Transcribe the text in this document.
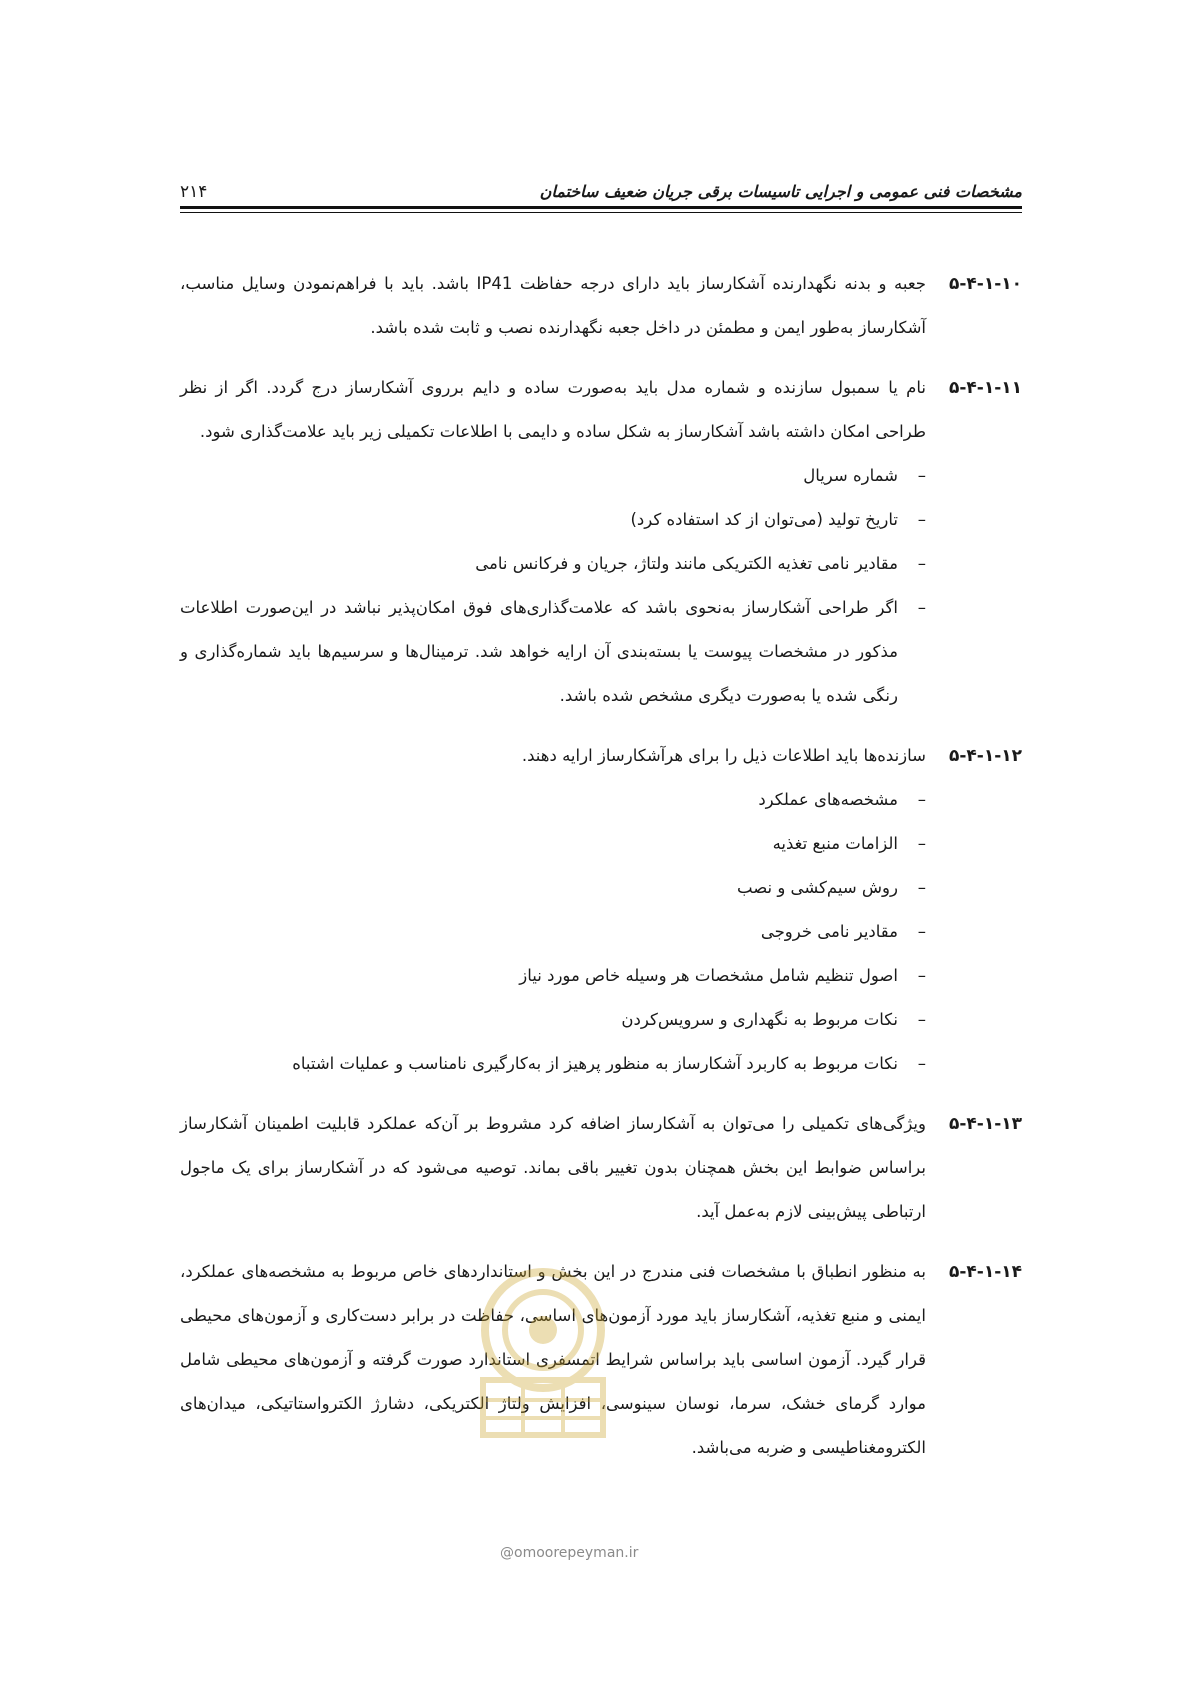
مشخصات فنی عمومی و اجرایی تاسیسات برقی جریان ضعیف ساختمان
۲۱۴
۵-۴-۱-۱۰
جعبه و بدنه نگهدارنده آشکارساز باید دارای درجه حفاظت IP41 باشد. باید با فراهم‌نمودن وسایل مناسب، آشکارساز به‌طور ایمن و مطمئن در داخل جعبه نگهدارنده نصب و ثابت شده باشد.
۵-۴-۱-۱۱
نام یا سمبول سازنده و شماره مدل باید به‌صورت ساده و دایم برروی آشکارساز درج گردد. اگر از نظر طراحی امکان داشته باشد آشکارساز به شکل ساده و دایمی با اطلاعات تکمیلی زیر باید علامت‌گذاری شود.
–
شماره سریال
–
تاریخ تولید (می‌توان از کد استفاده کرد)
–
مقادیر نامی تغذیه الکتریکی مانند ولتاژ، جریان و فرکانس نامی
–
اگر طراحی آشکارساز به‌نحوی باشد که علامت‌گذاری‌های فوق امکان‌پذیر نباشد در این‌صورت اطلاعات مذکور در مشخصات پیوست یا بسته‌بندی آن ارایه خواهد شد. ترمینال‌ها و سرسیم‌ها باید شماره‌گذاری و رنگی شده یا به‌صورت دیگری مشخص شده باشد.
۵-۴-۱-۱۲
سازنده‌ها باید اطلاعات ذیل را برای هرآشکارساز ارایه دهند.
–
مشخصه‌های عملکرد
–
الزامات منبع تغذیه
–
روش سیم‌کشی و نصب
–
مقادیر نامی خروجی
–
اصول تنظیم شامل مشخصات هر وسیله خاص مورد نیاز
–
نکات مربوط به نگهداری و سرویس‌کردن
–
نکات مربوط به کاربرد آشکارساز به منظور پرهیز از به‌کارگیری نامناسب و عملیات اشتباه
۵-۴-۱-۱۳
ویژگی‌های تکمیلی را می‌توان به آشکارساز اضافه کرد مشروط بر آن‌که عملکرد قابلیت اطمینان آشکارساز براساس ضوابط این بخش همچنان بدون تغییر باقی بماند. توصیه می‌شود که در آشکارساز برای یک ماجول ارتباطی پیش‌بینی لازم به‌عمل آید.
۵-۴-۱-۱۴
به منظور انطباق با مشخصات فنی مندرج در این بخش و استانداردهای خاص مربوط به مشخصه‌های عملکرد، ایمنی و منبع تغذیه، آشکارساز باید مورد آزمون‌های اساسی، حفاظت در برابر دست‌کاری و آزمون‌های محیطی قرار گیرد. آزمون اساسی باید براساس شرایط اتمسفری استاندارد صورت گرفته و آزمون‌های محیطی شامل موارد گرمای خشک، سرما، نوسان سینوسی، افزایش ولتاژ الکتریکی، دشارژ الکترواستاتیکی، میدان‌های الکترومغناطیسی و ضربه می‌باشد.
@omoorepeyman.ir
